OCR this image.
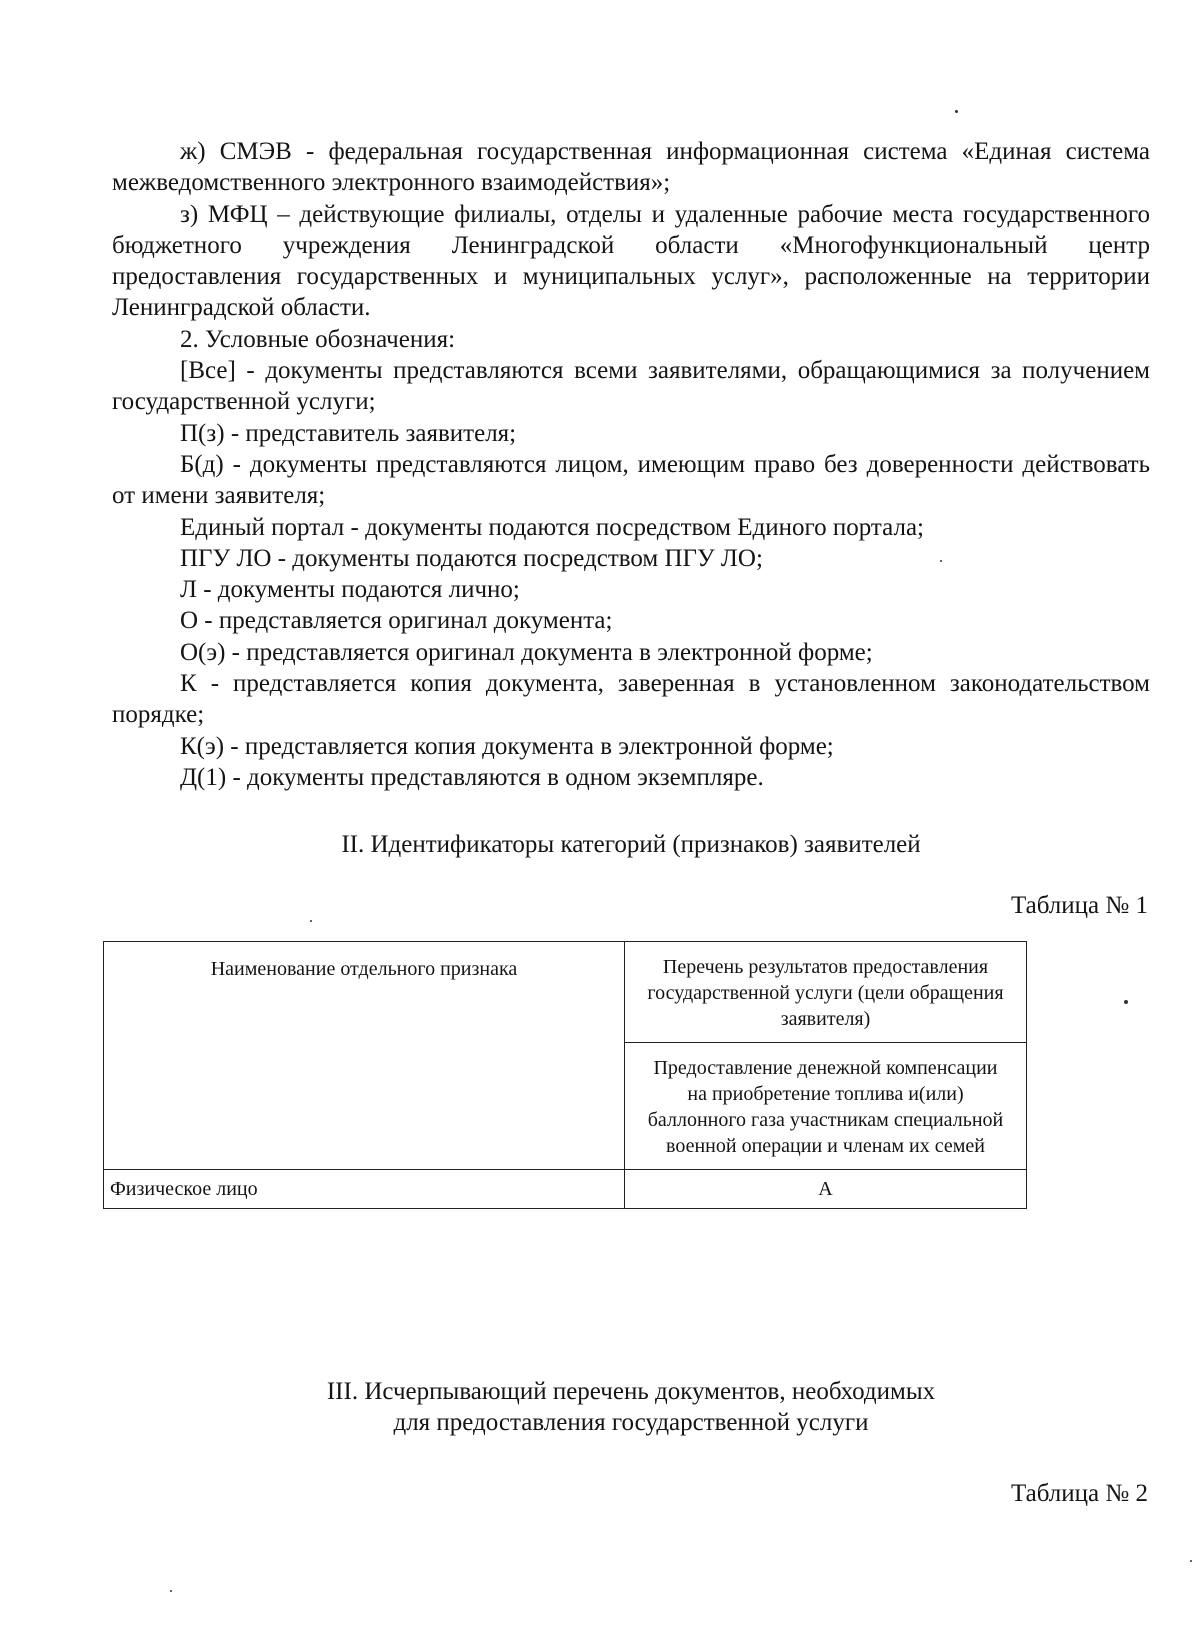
ж) СМЭВ - федеральная государственная информационная система «Единая система межведомственного электронного взаимодействия»;

з) МФЦ – действующие филиалы, отделы и удаленные рабочие места государственного бюджетного учреждения Ленинградской области «Многофункциональный центр предоставления государственных и муниципальных услуг», расположенные на территории Ленинградской области.

2. Условные обозначения:

[Все] - документы представляются всеми заявителями, обращающимися за получением государственной услуги;

П(з) - представитель заявителя;

Б(д) - документы представляются лицом, имеющим право без доверенности действовать от имени заявителя;

Единый портал - документы подаются посредством Единого портала;

ПГУ ЛО - документы подаются посредством ПГУ ЛО;

Л - документы подаются лично;

О - представляется оригинал документа;

О(э) - представляется оригинал документа в электронной форме;

К - представляется копия документа, заверенная в установленном законодательством порядке;

К(э) - представляется копия документа в электронной форме;

Д(1) - документы представляются в одном экземпляре.

II. Идентификаторы категорий (признаков) заявителей

Таблица № 1

Наименование отдельного признака	Перечень результатов предоставления государственной услуги (цели обращения заявителя)
	Предоставление денежной компенсации на приобретение топлива и(или) баллонного газа участникам специальной военной операции и членам их семей
Физическое лицо	А

III. Исчерпывающий перечень документов, необходимых

для предоставления государственной услуги

Таблица № 2
